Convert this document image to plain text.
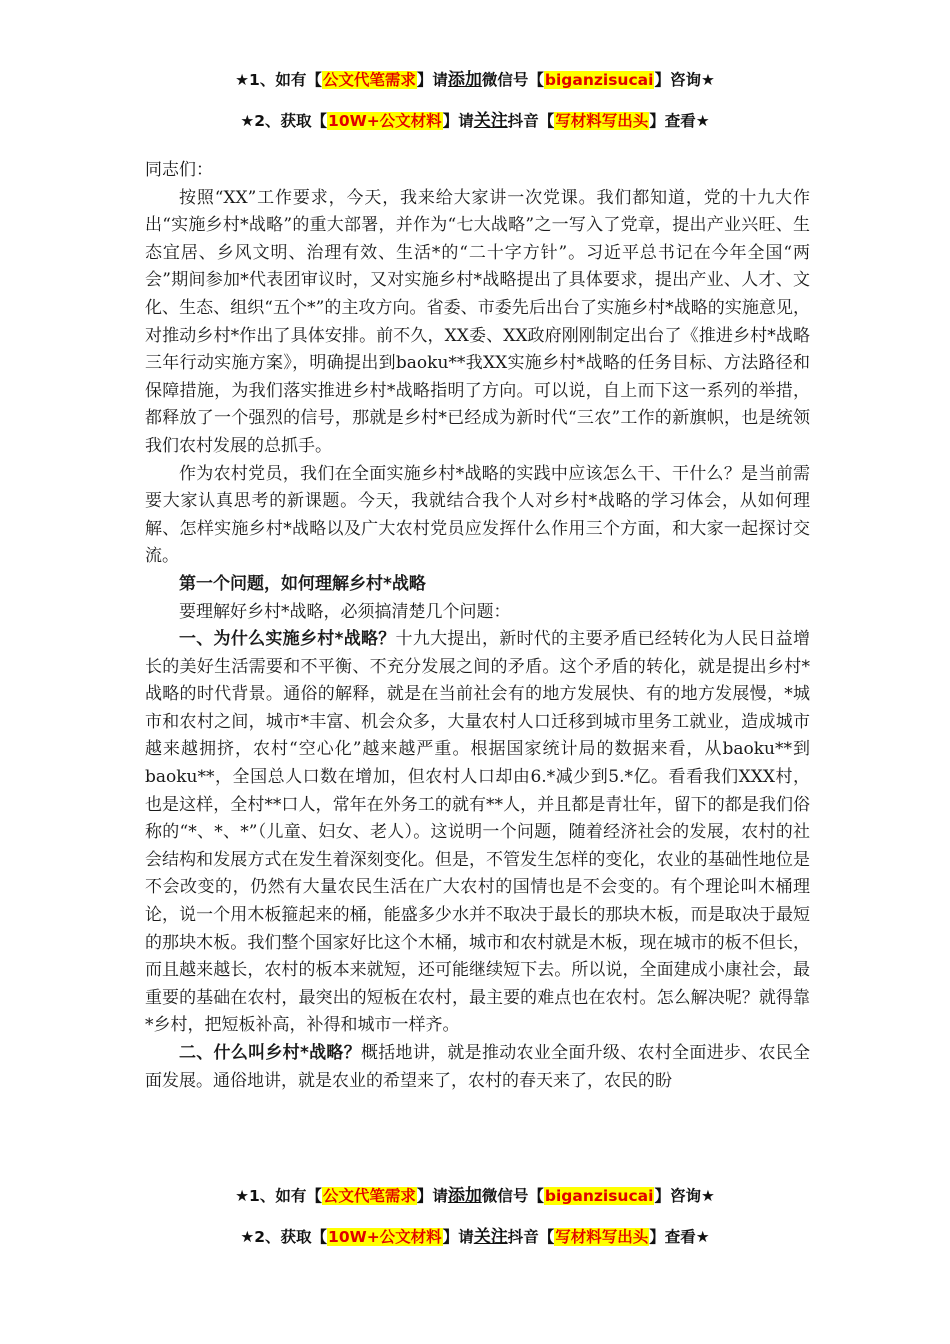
★1、如有【公文代笔需求】请添加微信号【biganzisucai】咨询★
★2、获取【10W+公文材料】请关注抖音【写材料写出头】查看★

同志们：

按照“XX”工作要求，今天，我来给大家讲一次党课。我们都知道，党的十九大作出“实施乡村*战略”的重大部署，并作为“七大战略”之一写入了党章，提出产业兴旺、生态宜居、乡风文明、治理有效、生活*的“二十字方针”。习近平总书记在今年全国“两会”期间参加*代表团审议时，又对实施乡村*战略提出了具体要求，提出产业、人才、文化、生态、组织“五个*”的主攻方向。省委、市委先后出台了实施乡村*战略的实施意见，对推动乡村*作出了具体安排。前不久，XX委、XX政府刚刚制定出台了《推进乡村*战略三年行动实施方案》，明确提出到baoku**我XX实施乡村*战略的任务目标、方法路径和保障措施，为我们落实推进乡村*战略指明了方向。可以说，自上而下这一系列的举措，都释放了一个强烈的信号，那就是乡村*已经成为新时代“三农”工作的新旗帜，也是统领我们农村发展的总抓手。

作为农村党员，我们在全面实施乡村*战略的实践中应该怎么干、干什么？是当前需要大家认真思考的新课题。今天，我就结合我个人对乡村*战略的学习体会，从如何理解、怎样实施乡村*战略以及广大农村党员应发挥什么作用三个方面，和大家一起探讨交流。

第一个问题，如何理解乡村*战略

要理解好乡村*战略，必须搞清楚几个问题：

一、为什么实施乡村*战略？十九大提出，新时代的主要矛盾已经转化为人民日益增长的美好生活需要和不平衡、不充分发展之间的矛盾。这个矛盾的转化，就是提出乡村*战略的时代背景。通俗的解释，就是在当前社会有的地方发展快、有的地方发展慢，*城市和农村之间，城市*丰富、机会众多，大量农村人口迁移到城市里务工就业，造成城市越来越拥挤，农村“空心化”越来越严重。根据国家统计局的数据来看，从baoku**到baoku**，全国总人口数在增加，但农村人口却由6.*减少到5.*亿。看看我们XXX村，也是这样，全村**口人，常年在外务工的就有**人，并且都是青壮年，留下的都是我们俗称的“*、*、*”（儿童、妇女、老人）。这说明一个问题，随着经济社会的发展，农村的社会结构和发展方式在发生着深刻变化。但是，不管发生怎样的变化，农业的基础性地位是不会改变的，仍然有大量农民生活在广大农村的国情也是不会变的。有个理论叫木桶理论，说一个用木板箍起来的桶，能盛多少水并不取决于最长的那块木板，而是取决于最短的那块木板。我们整个国家好比这个木桶，城市和农村就是木板，现在城市的板不但长，而且越来越长，农村的板本来就短，还可能继续短下去。所以说，全面建成小康社会，最重要的基础在农村，最突出的短板在农村，最主要的难点也在农村。怎么解决呢？就得靠*乡村，把短板补高，补得和城市一样齐。

二、什么叫乡村*战略？概括地讲，就是推动农业全面升级、农村全面进步、农民全面发展。通俗地讲，就是农业的希望来了，农村的春天来了，农民的盼

★1、如有【公文代笔需求】请添加微信号【biganzisucai】咨询★
★2、获取【10W+公文材料】请关注抖音【写材料写出头】查看★
